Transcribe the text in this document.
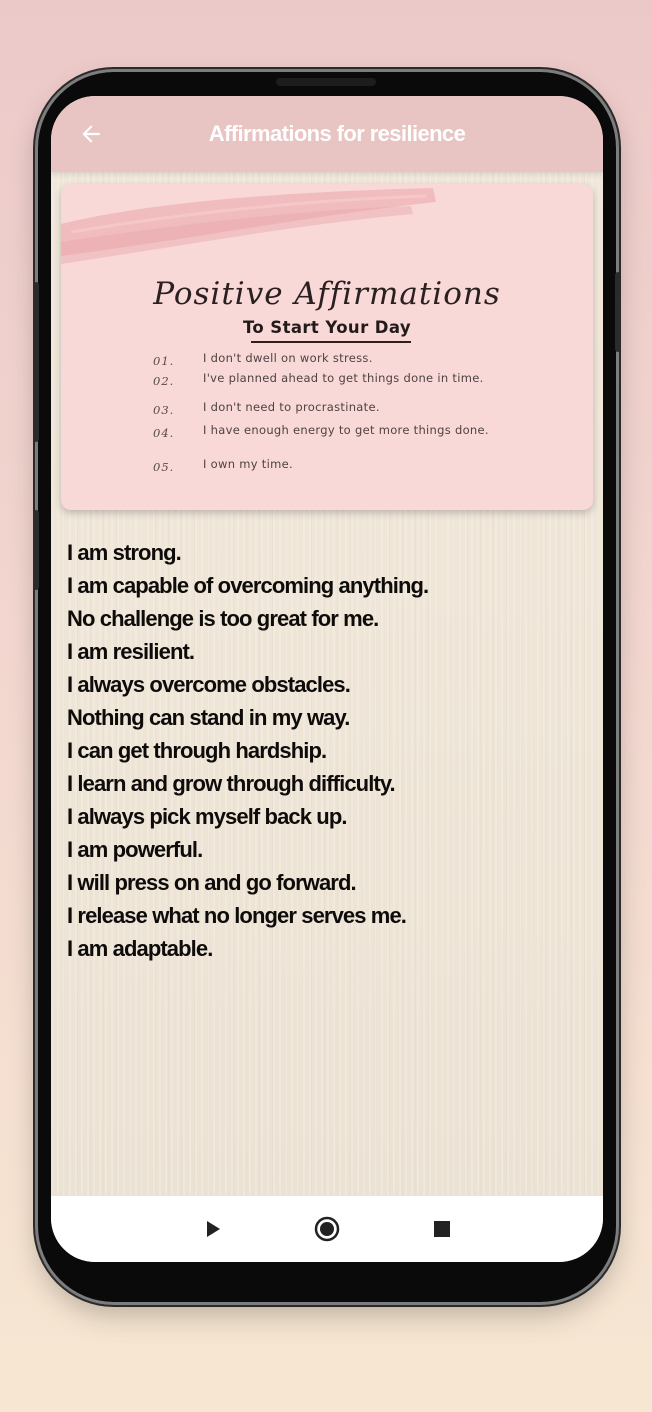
Affirmations for resilience
Positive Affirmations
To Start Your Day
01. I don't dwell on work stress.
02. I've planned ahead to get things done in time.
03. I don't need to procrastinate.
04. I have enough energy to get more things done.
05. I own my time.
I am strong.
I am capable of overcoming anything.
No challenge is too great for me.
I am resilient.
I always overcome obstacles.
Nothing can stand in my way.
I can get through hardship.
I learn and grow through difficulty.
I always pick myself back up.
I am powerful.
I will press on and go forward.
I release what no longer serves me.
I am adaptable.
